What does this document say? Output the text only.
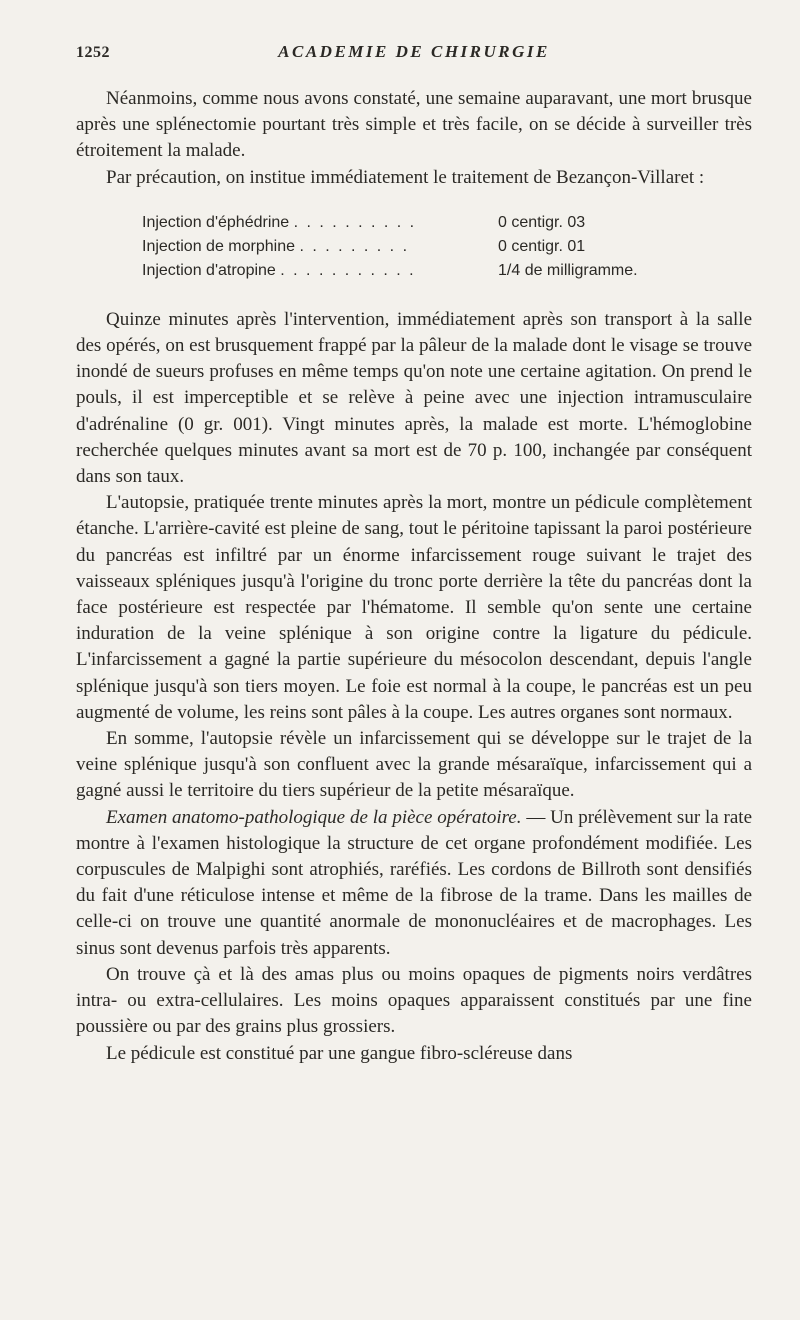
1252	ACADEMIE DE CHIRURGIE

Néanmoins, comme nous avons constaté, une semaine auparavant, une mort brusque après une splénectomie pourtant très simple et très facile, on se décide à surveiller très étroitement la malade.

Par précaution, on institue immédiatement le traitement de Bezançon-Villaret :

Injection d'éphédrine . . . . . . . . . .	0 centigr. 03
Injection de morphine . . . . . . . . .	0 centigr. 01
Injection d'atropine . . . . . . . . . . .	1/4 de milligramme.

Quinze minutes après l'intervention, immédiatement après son transport à la salle des opérés, on est brusquement frappé par la pâleur de la malade dont le visage se trouve inondé de sueurs profuses en même temps qu'on note une certaine agitation. On prend le pouls, il est imperceptible et se relève à peine avec une injection intramusculaire d'adrénaline (0 gr. 001). Vingt minutes après, la malade est morte. L'hémoglobine recherchée quelques minutes avant sa mort est de 70 p. 100, inchangée par conséquent dans son taux.

L'autopsie, pratiquée trente minutes après la mort, montre un pédicule complètement étanche. L'arrière-cavité est pleine de sang, tout le péritoine tapissant la paroi postérieure du pancréas est infiltré par un énorme infarcissement rouge suivant le trajet des vaisseaux spléniques jusqu'à l'origine du tronc porte derrière la tête du pancréas dont la face postérieure est respectée par l'hématome. Il semble qu'on sente une certaine induration de la veine splénique à son origine contre la ligature du pédicule. L'infarcissement a gagné la partie supérieure du mésocolon descendant, depuis l'angle splénique jusqu'à son tiers moyen. Le foie est normal à la coupe, le pancréas est un peu augmenté de volume, les reins sont pâles à la coupe. Les autres organes sont normaux.

En somme, l'autopsie révèle un infarcissement qui se développe sur le trajet de la veine splénique jusqu'à son confluent avec la grande mésaraïque, infarcissement qui a gagné aussi le territoire du tiers supérieur de la petite mésaraïque.

Examen anatomo-pathologique de la pièce opératoire. — Un prélèvement sur la rate montre à l'examen histologique la structure de cet organe profondément modifiée. Les corpuscules de Malpighi sont atrophiés, raréfiés. Les cordons de Billroth sont densifiés du fait d'une réticulose intense et même de la fibrose de la trame. Dans les mailles de celle-ci on trouve une quantité anormale de mononucléaires et de macrophages. Les sinus sont devenus parfois très apparents.

On trouve çà et là des amas plus ou moins opaques de pigments noirs verdâtres intra- ou extra-cellulaires. Les moins opaques apparaissent constitués par une fine poussière ou par des grains plus grossiers.

Le pédicule est constitué par une gangue fibro-scléreuse dans
